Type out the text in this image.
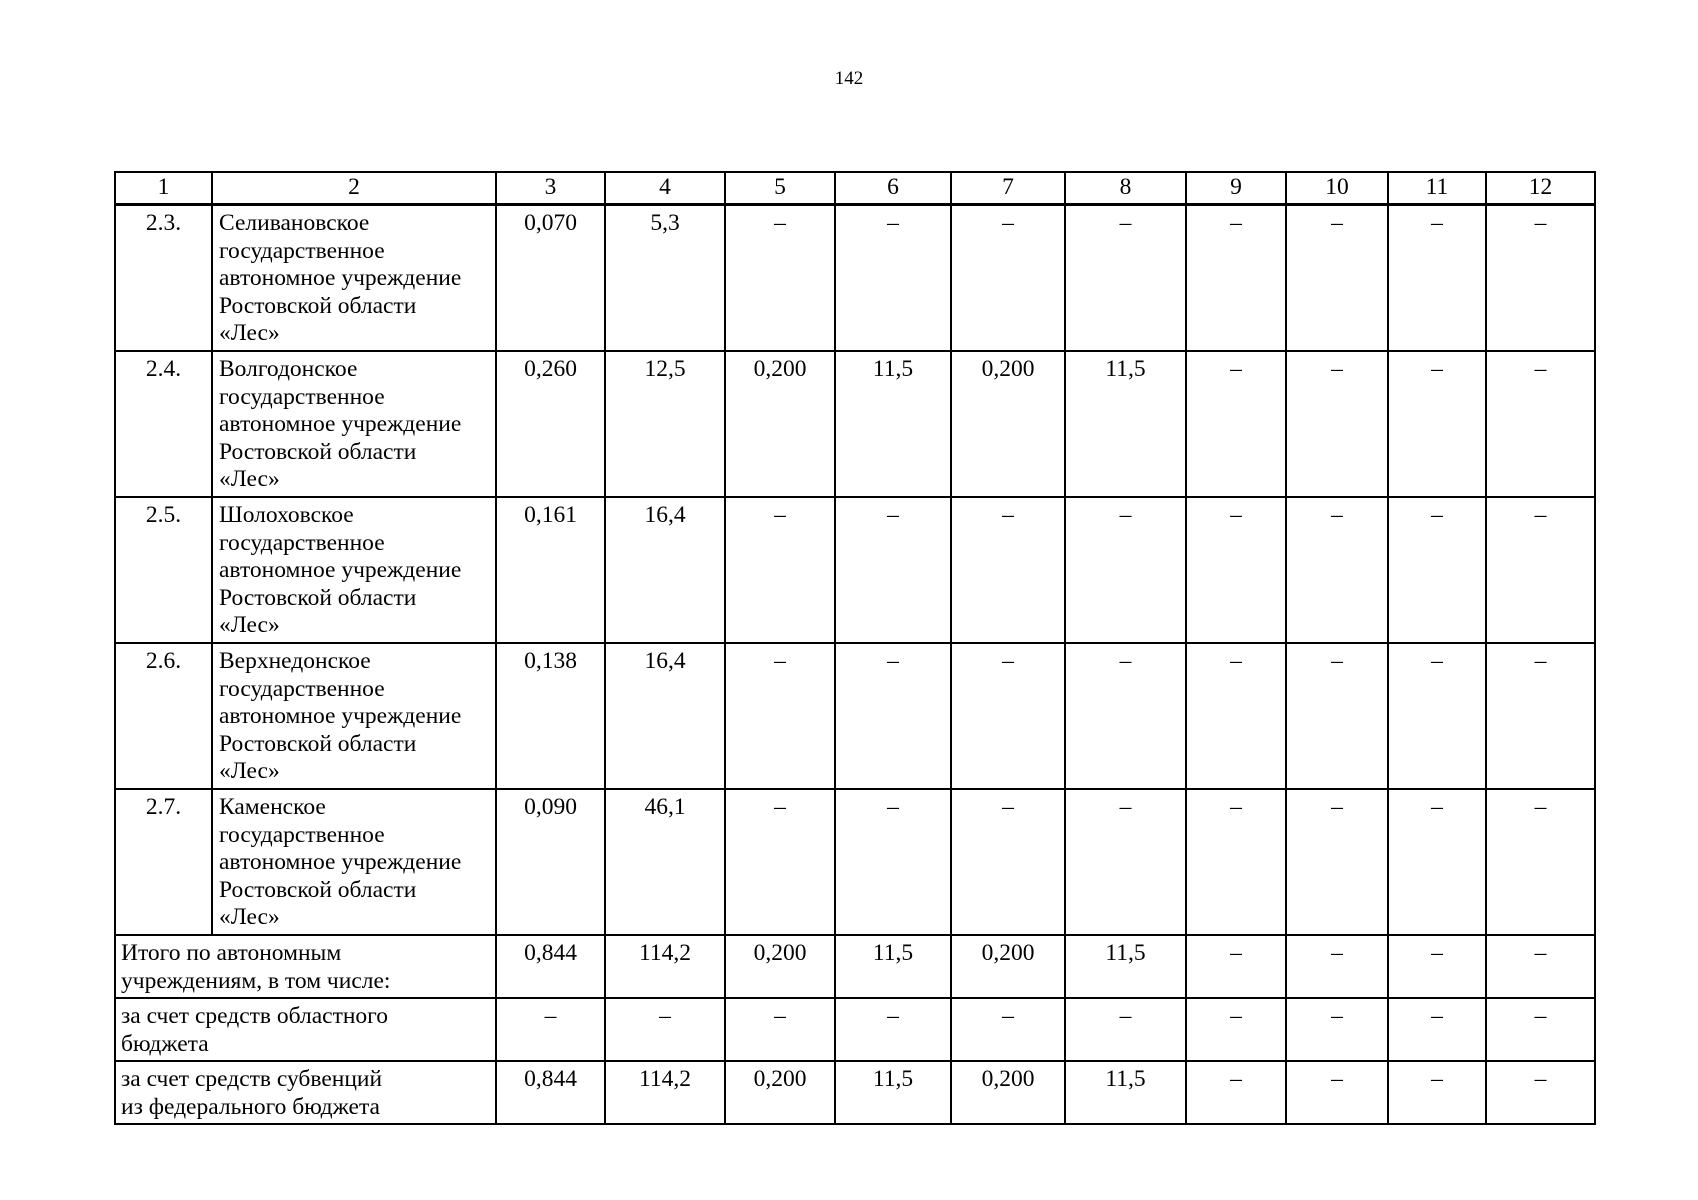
142
1	2	3	4	5	6	7	8	9	10	11	12
2.3.	Селивановское
государственное
автономное учреждение
Ростовской области
«Лес»	0,070	5,3	–	–	–	–	–	–	–	–
2.4.	Волгодонское
государственное
автономное учреждение
Ростовской области
«Лес»	0,260	12,5	0,200	11,5	0,200	11,5	–	–	–	–
2.5.	Шолоховское
государственное
автономное учреждение
Ростовской области
«Лес»	0,161	16,4	–	–	–	–	–	–	–	–
2.6.	Верхнедонское
государственное
автономное учреждение
Ростовской области
«Лес»	0,138	16,4	–	–	–	–	–	–	–	–
2.7.	Каменское
государственное
автономное учреждение
Ростовской области
«Лес»	0,090	46,1	–	–	–	–	–	–	–	–

Итого по автономным
учреждениям, в том числе:		0,844	114,2	0,200	11,5	0,200	11,5	–	–	–	–

за счет средств областного
бюджета		–	–	–	–	–	–	–	–	–	–

за счет средств субвенций
из федерального бюджета		0,844	114,2	0,200	11,5	0,200	11,5	–	–	–	–
